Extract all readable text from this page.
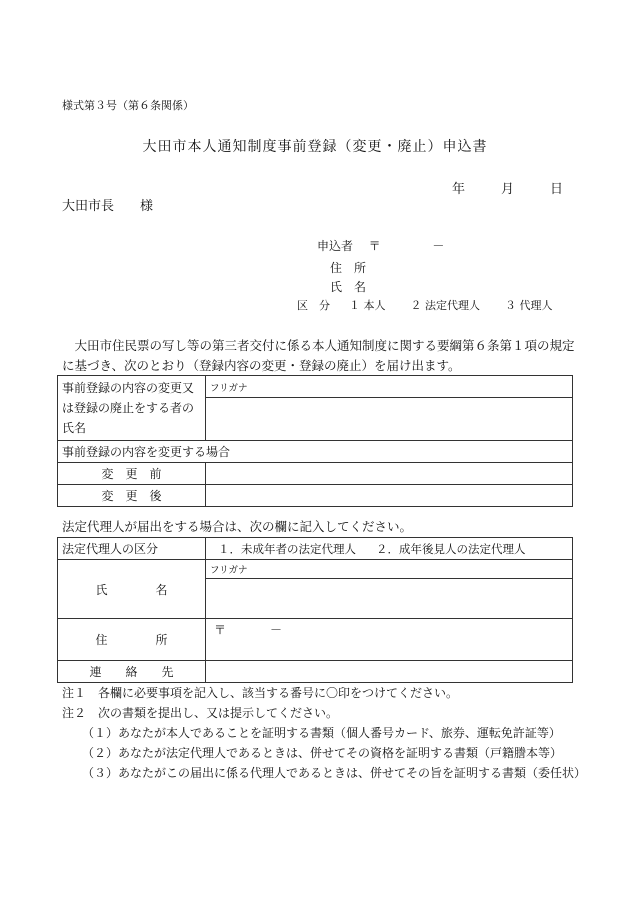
様式第３号（第６条関係）
大田市本人通知制度事前登録（変更・廃止）申込書
年	月	日
大田市長　　様
申込者 〒	－
住　所
氏　名
区　分 １ 本人 ２ 法定代理人 ３ 代理人
　大田市住民票の写し等の第三者交付に係る本人通知制度に関する要綱第６条第１項の規定に基づき、次のとおり（登録内容の変更・登録の廃止）を届け出ます。
事前登録の内容の変更又は登録の廃止をする者の氏名	フリガナ

事前登録の内容を変更する場合	
変　更　前	
変　更　後	
法定代理人が届出をする場合は、次の欄に記入してください。
法定代理人の区分	１．未成年者の法定代理人 ２．成年後見人の法定代理人
氏　　　　名	フリガナ

住　　　　所	〒 －
連　　絡　　先	
注１　各欄に必要事項を記入し、該当する番号に〇印をつけてください。
注２　次の書類を提出し、又は提示してください。
（１）あなたが本人であることを証明する書類（個人番号カード、旅券、運転免許証等）
（２）あなたが法定代理人であるときは、併せてその資格を証明する書類（戸籍謄本等）
（３）あなたがこの届出に係る代理人であるときは、併せてその旨を証明する書類（委任状）
